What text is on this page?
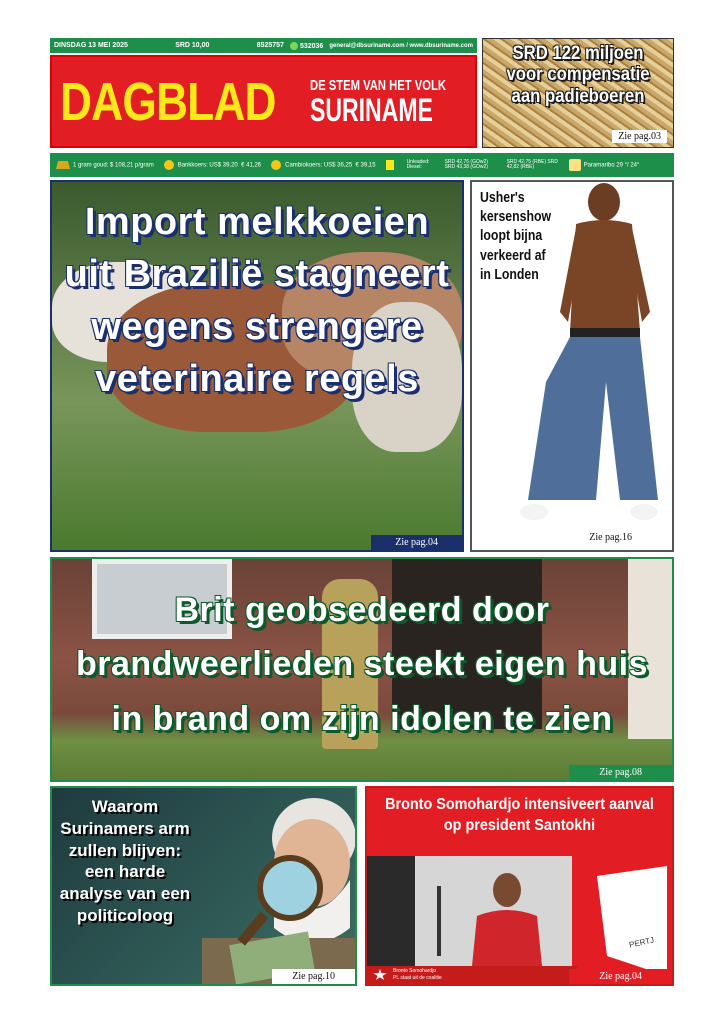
DINSDAG 13 MEI 2025	SRD 10,00	8525757	532036 general@dbsuriname.com / www.dbsuriname.com
DAGBLAD DE STEM VAN HET VOLK
SURINAME
SRD 122 miljoen voor compensatie aan padieboeren
Zie pag.03
1 gram goud: $ 108,21 p/gram	Bankkoers: US$ 39,20 € 41,26	Cambiokoers: US$ 36,25 € 39,15
Unleaded: Diesel:
SRD 42,76 (GOw2) SRD 43,38 (GOw2)
SRD 42,75 (RBE) SRD 42,82 (RBE)	Paramaribo 29 °/ 24°
Import melkkoeien uit Brazilië stagneert wegens strengere veterinaire regels
Zie pag.04
Usher's kersenshow loopt bijna verkeerd af in Londen
Zie pag.16
Brit geobsedeerd door brandweerlieden steekt eigen huis in brand om zijn idolen te zien
Zie pag.08
Waarom Surinamers arm zullen blijven: een harde analyse van een politicoloog
Zie pag.10
Bronto Somohardjo intensiveert aanval op president Santokhi
PERTJ
Bronto Somohardjo
PL staat uit de coalitie	Zie pag.04
